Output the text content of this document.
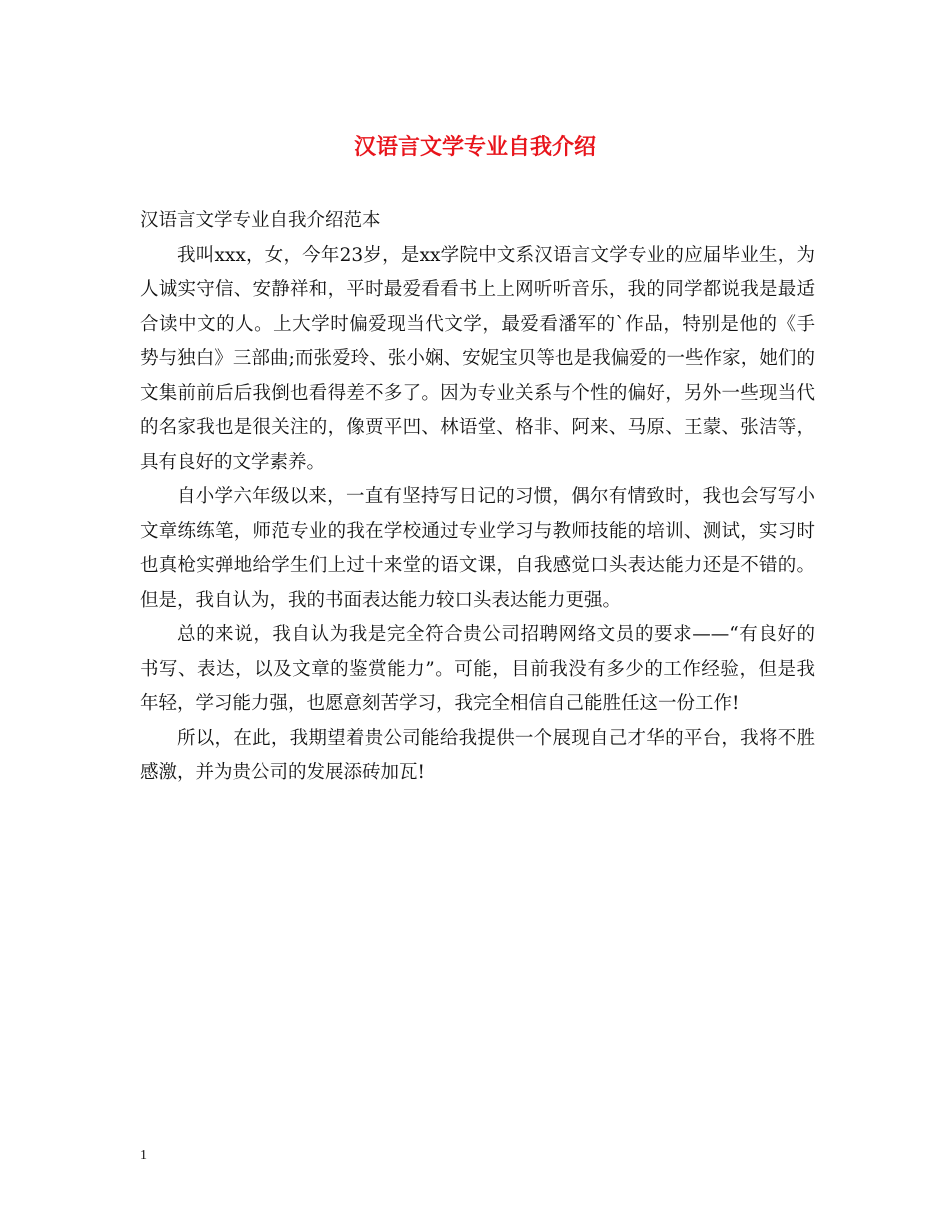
汉语言文学专业自我介绍

汉语言文学专业自我介绍范本

我叫xxx，女，今年23岁，是xx学院中文系汉语言文学专业的应届毕业生，为人诚实守信、安静祥和，平时最爱看看书上上网听听音乐，我的同学都说我是最适合读中文的人。上大学时偏爱现当代文学，最爱看潘军的`作品，特别是他的《手势与独白》三部曲;而张爱玲、张小娴、安妮宝贝等也是我偏爱的一些作家，她们的文集前前后后我倒也看得差不多了。因为专业关系与个性的偏好，另外一些现当代的名家我也是很关注的，像贾平凹、林语堂、格非、阿来、马原、王蒙、张洁等，具有良好的文学素养。

自小学六年级以来，一直有坚持写日记的习惯，偶尔有情致时，我也会写写小文章练练笔，师范专业的我在学校通过专业学习与教师技能的培训、测试，实习时也真枪实弹地给学生们上过十来堂的语文课，自我感觉口头表达能力还是不错的。但是，我自认为，我的书面表达能力较口头表达能力更强。

总的来说，我自认为我是完全符合贵公司招聘网络文员的要求——“有良好的书写、表达，以及文章的鉴赏能力”。可能，目前我没有多少的工作经验，但是我年轻，学习能力强，也愿意刻苦学习，我完全相信自己能胜任这一份工作!

所以，在此，我期望着贵公司能给我提供一个展现自己才华的平台，我将不胜感激，并为贵公司的发展添砖加瓦!

1
